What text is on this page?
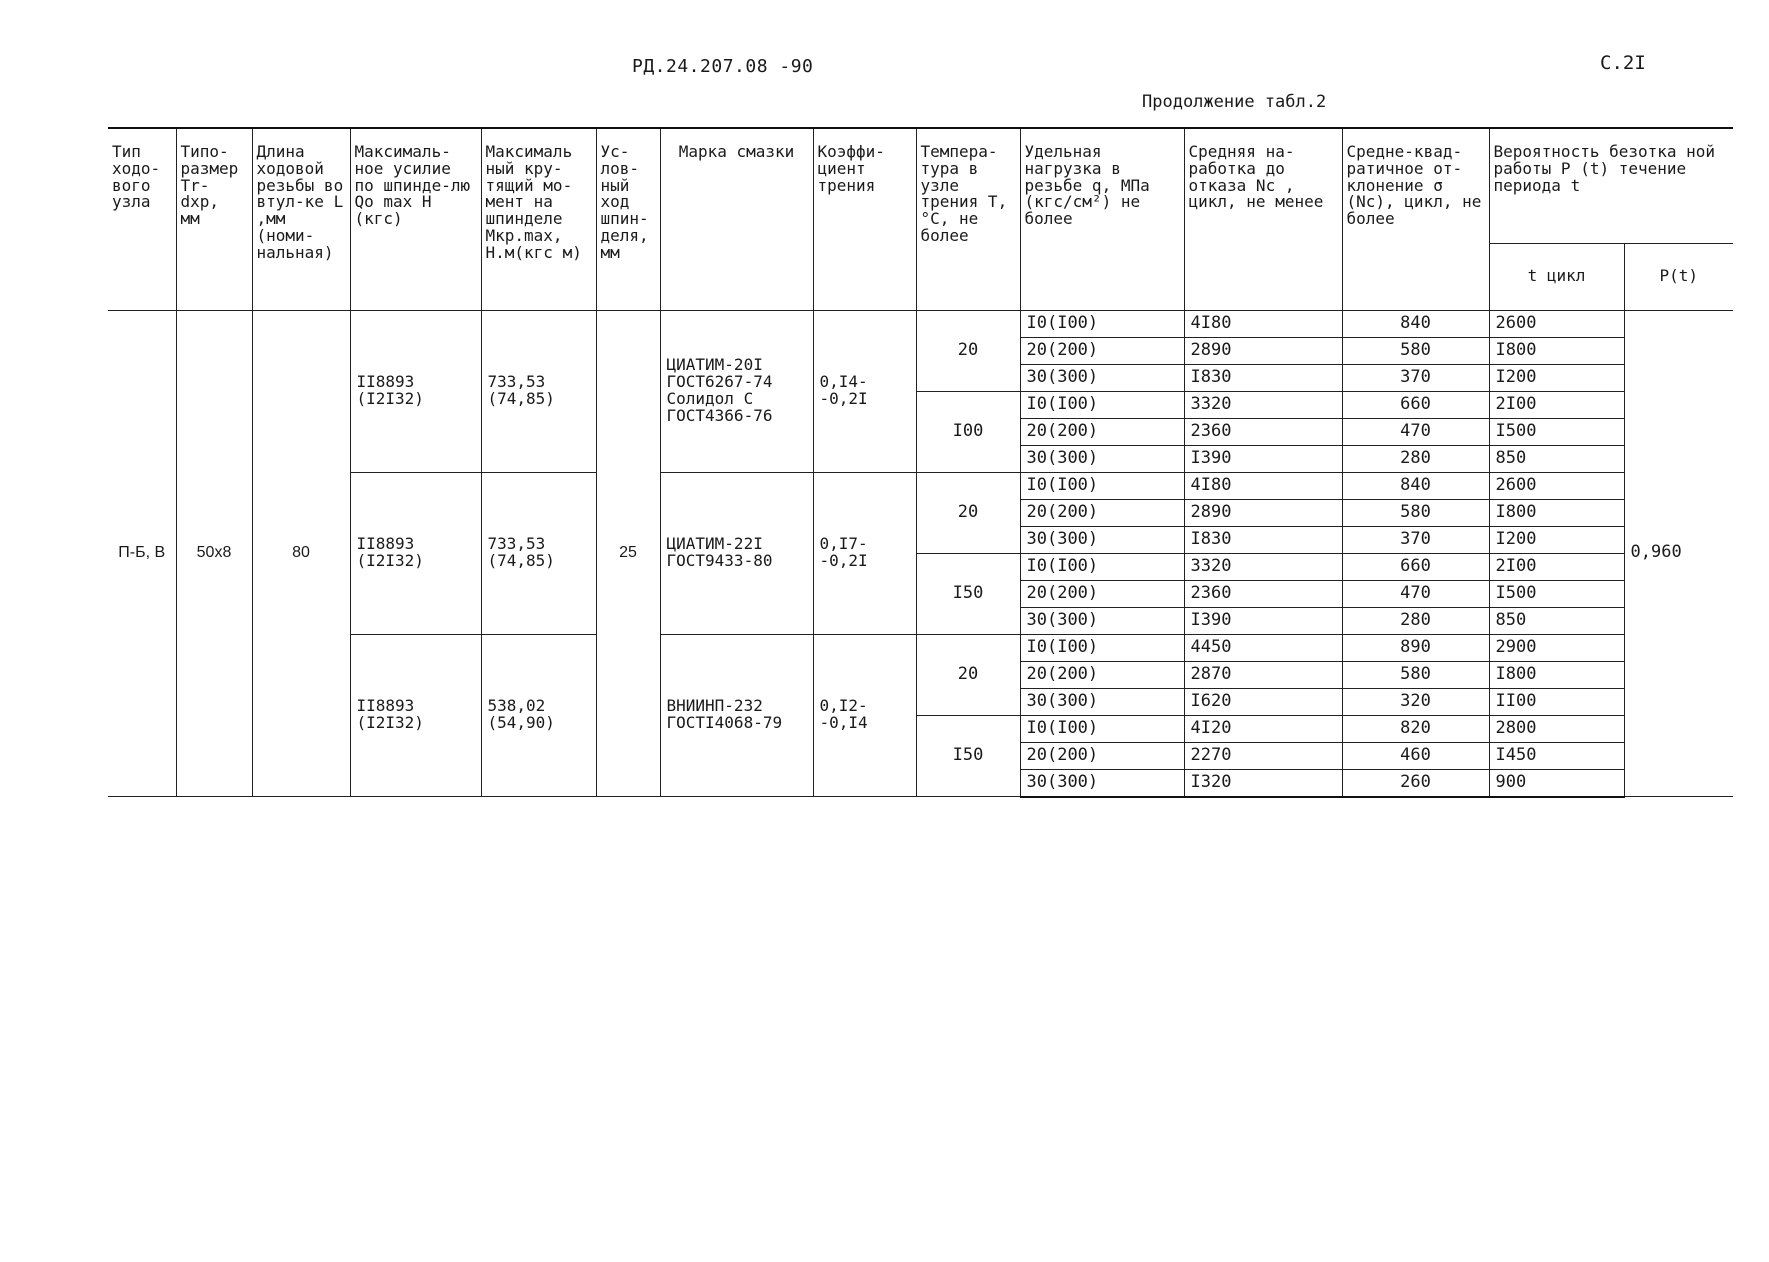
РД.24.207.08 -90	С.2I
Продолжение табл.2
Тип ходо-вого узла	Типо-размер Tr-dxр, мм	Длина ходовой резьбы во втул-ке L ,мм (номи-нальная)	Максималь-ное усилие по шпинде-лю Qo max Н (кгс)	Максималь ный кру-тящий мо-мент на шпинделе Мкр.max, Н.м(кгс м)	Ус-лов-ный ход шпин-деля, мм	Марка смазки	Коэффи-циент трения	Темпера-тура в узле трения Т,°С, не более	Удельная нагрузка в резьбе q, МПа (кгс/см²) не более	Средняя на-работка до отказа Nc , цикл, не менее	Средне-квад-ратичное от-клонение σ (Nc), цикл, не более	Вероятность безотка ной работы Р (t) течение периода t	
												t цикл	Р(t)
П-Б, В	50x8	80	II8893 (I2I32)	733,53 (74,85)	25	ЦИАТИМ-20I ГОСТ6267-74 Солидол С ГОСТ4366-76	0,I4- -0,2I	20	I0(I00)	4I80	840	2600	0,960
									20(200)	2890	580	I800	
									30(300)	I830	370	I200	
								I00	I0(I00)	3320	660	2I00	
									20(200)	2360	470	I500	
									30(300)	I390	280	850	
			II8893 (I2I32)	733,53 (74,85)		ЦИАТИМ-22I ГОСТ9433-80	0,I7- -0,2I	20	I0(I00)	4I80	840	2600	
									20(200)	2890	580	I800	
									30(300)	I830	370	I200	
								I50	I0(I00)	3320	660	2I00	
									20(200)	2360	470	I500	
									30(300)	I390	280	850	
			II8893 (I2I32)	538,02 (54,90)		ВНИИНП-232 ГОСТI4068-79	0,I2- -0,I4	20	I0(I00)	4450	890	2900	
									20(200)	2870	580	I800	
									30(300)	I620	320	II00	
								I50	I0(I00)	4I20	820	2800	
									20(200)	2270	460	I450	
									30(300)	I320	260	900	
